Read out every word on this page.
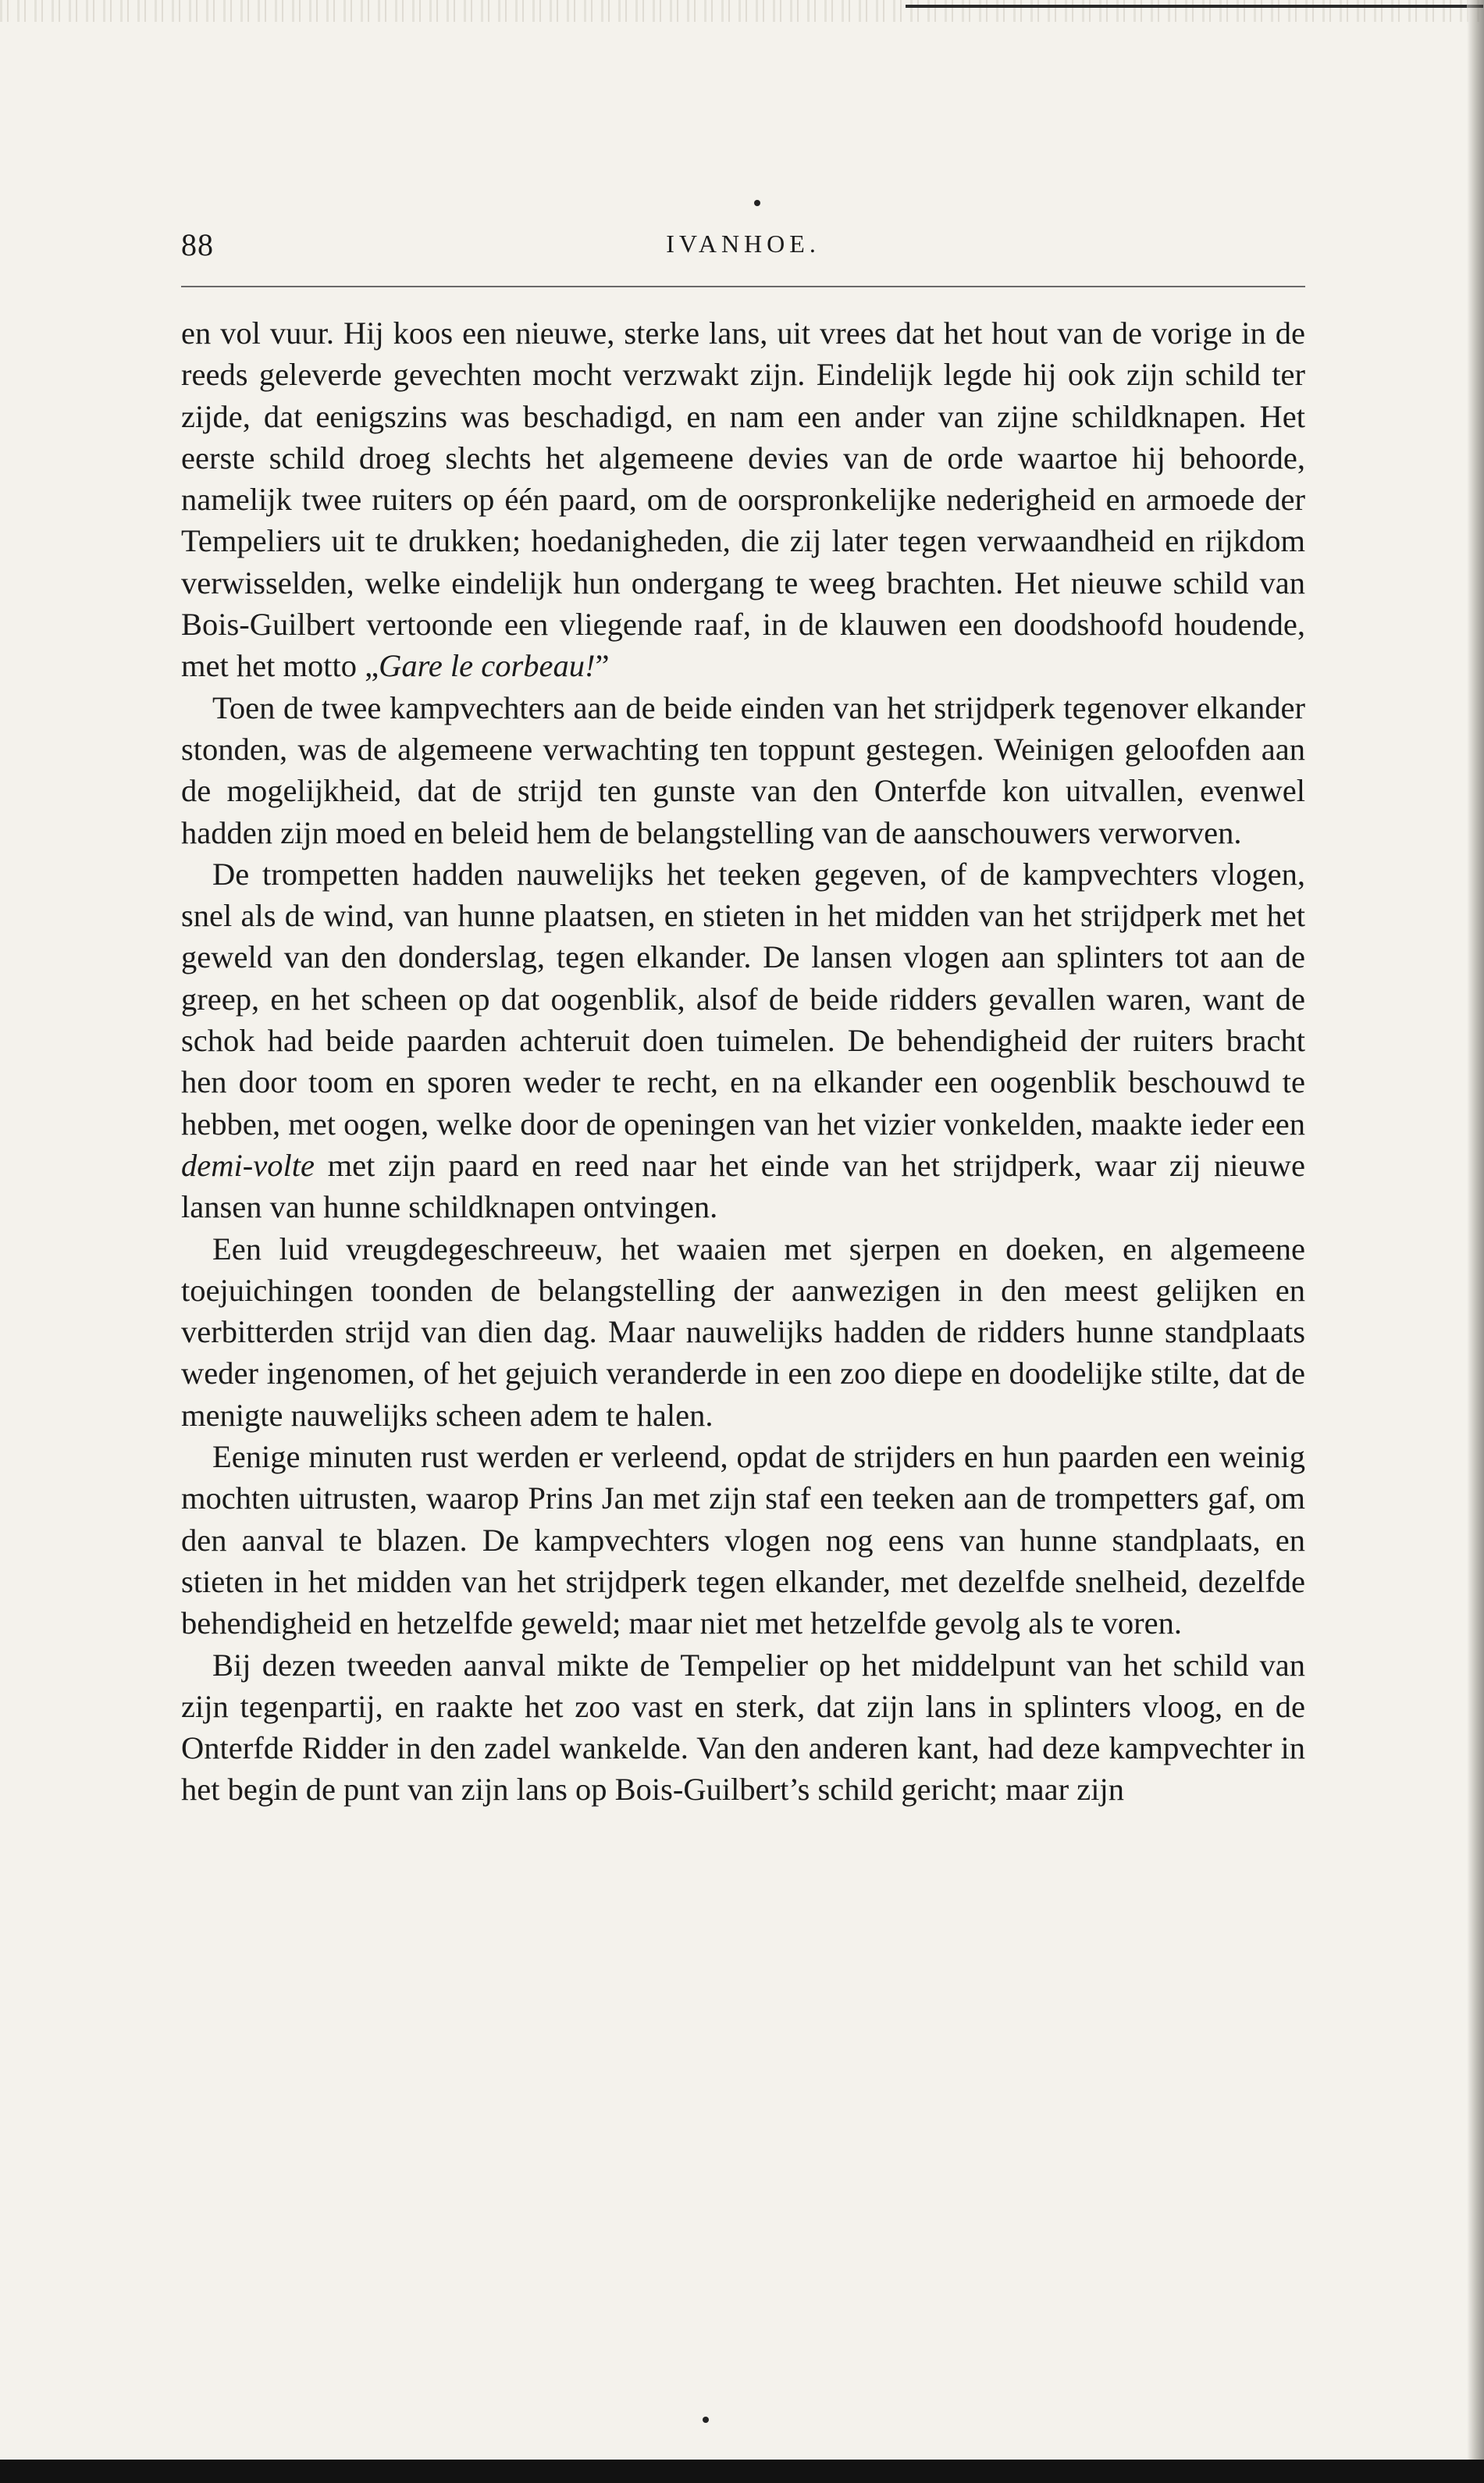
88	IVANHOE.

en vol vuur. Hij koos een nieuwe, sterke lans, uit vrees dat het hout van de vorige in de reeds geleverde gevechten mocht verzwakt zijn. Eindelijk legde hij ook zijn schild ter zijde, dat eenigszins was beschadigd, en nam een ander van zijne schildknapen. Het eerste schild droeg slechts het algemeene devies van de orde waartoe hij behoorde, namelijk twee ruiters op één paard, om de oorspronkelijke nederigheid en armoede der Tempeliers uit te drukken; hoedanigheden, die zij later tegen verwaandheid en rijkdom verwisselden, welke eindelijk hun ondergang te weeg brachten. Het nieuwe schild van Bois-Guilbert vertoonde een vliegende raaf, in de klauwen een doodshoofd houdende, met het motto „Gare le corbeau!”

Toen de twee kampvechters aan de beide einden van het strijdperk tegenover elkander stonden, was de algemeene verwachting ten toppunt gestegen. Weinigen geloofden aan de mogelijkheid, dat de strijd ten gunste van den Onterfde kon uitvallen, evenwel hadden zijn moed en beleid hem de belangstelling van de aanschouwers verworven.

De trompetten hadden nauwelijks het teeken gegeven, of de kampvechters vlogen, snel als de wind, van hunne plaatsen, en stieten in het midden van het strijdperk met het geweld van den donderslag, tegen elkander. De lansen vlogen aan splinters tot aan de greep, en het scheen op dat oogenblik, alsof de beide ridders gevallen waren, want de schok had beide paarden achteruit doen tuimelen. De behendigheid der ruiters bracht hen door toom en sporen weder te recht, en na elkander een oogenblik beschouwd te hebben, met oogen, welke door de openingen van het vizier vonkelden, maakte ieder een demi-volte met zijn paard en reed naar het einde van het strijdperk, waar zij nieuwe lansen van hunne schildknapen ontvingen.

Een luid vreugdegeschreeuw, het waaien met sjerpen en doeken, en algemeene toejuichingen toonden de belangstelling der aanwezigen in den meest gelijken en verbitterden strijd van dien dag. Maar nauwelijks hadden de ridders hunne standplaats weder ingenomen, of het gejuich veranderde in een zoo diepe en doodelijke stilte, dat de menigte nauwelijks scheen adem te halen.

Eenige minuten rust werden er verleend, opdat de strijders en hun paarden een weinig mochten uitrusten, waarop Prins Jan met zijn staf een teeken aan de trompetters gaf, om den aanval te blazen. De kampvechters vlogen nog eens van hunne standplaats, en stieten in het midden van het strijdperk tegen elkander, met dezelfde snelheid, dezelfde behendigheid en hetzelfde geweld; maar niet met hetzelfde gevolg als te voren.

Bij dezen tweeden aanval mikte de Tempelier op het middelpunt van het schild van zijn tegenpartij, en raakte het zoo vast en sterk, dat zijn lans in splinters vloog, en de Onterfde Ridder in den zadel wankelde. Van den anderen kant, had deze kampvechter in het begin de punt van zijn lans op Bois-Guilbert’s schild gericht; maar zijn
